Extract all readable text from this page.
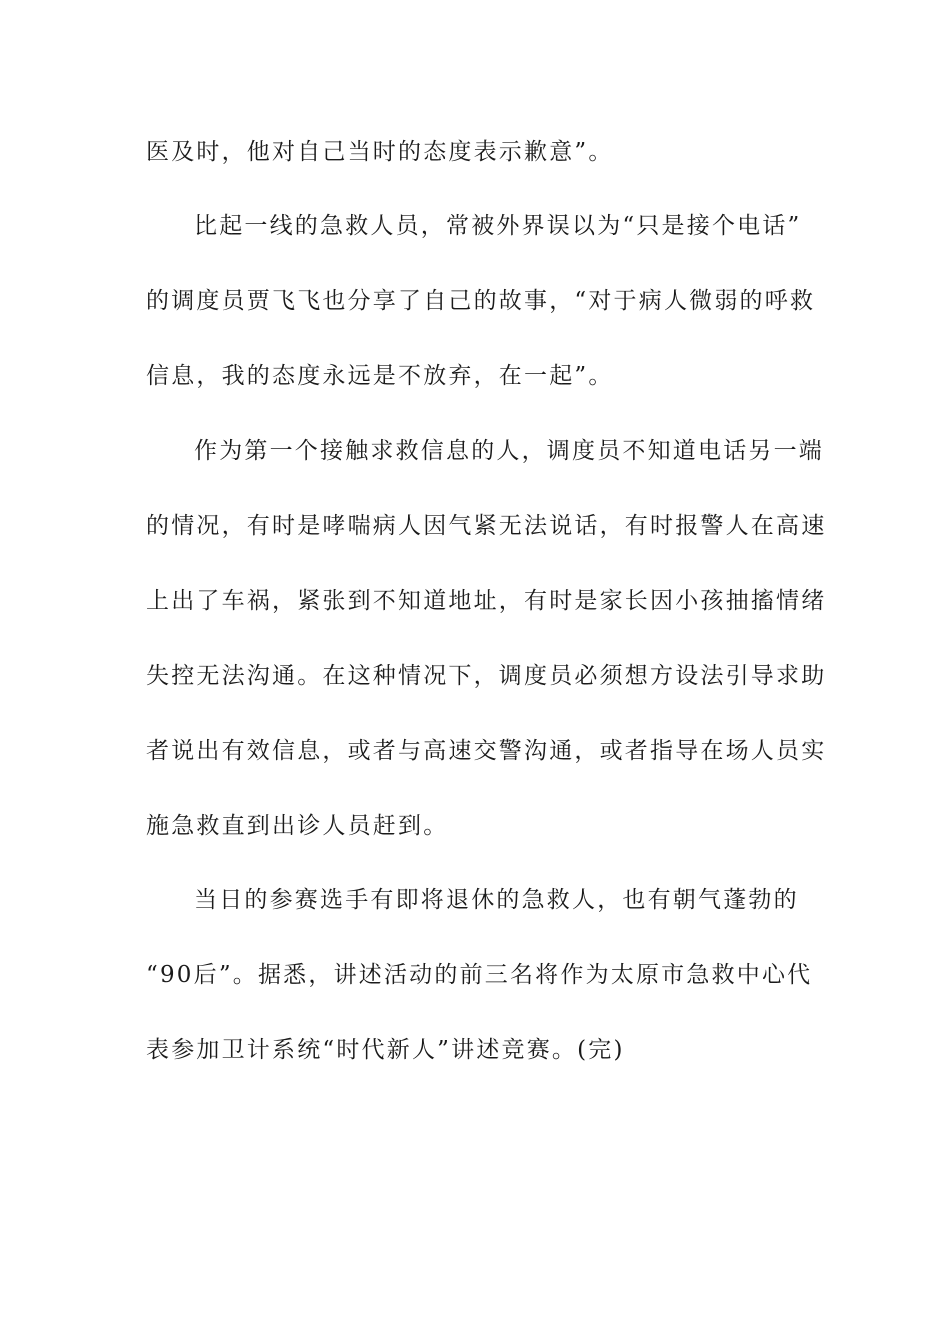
医及时，他对自己当时的态度表示歉意”。
比起一线的急救人员，常被外界误以为“只是接个电话”
的调度员贾飞飞也分享了自己的故事，“对于病人微弱的呼救
信息，我的态度永远是不放弃，在一起”。
作为第一个接触求救信息的人，调度员不知道电话另一端
的情况，有时是哮喘病人因气紧无法说话，有时报警人在高速
上出了车祸，紧张到不知道地址，有时是家长因小孩抽搐情绪
失控无法沟通。在这种情况下，调度员必须想方设法引导求助
者说出有效信息，或者与高速交警沟通，或者指导在场人员实
施急救直到出诊人员赶到。
当日的参赛选手有即将退休的急救人，也有朝气蓬勃的
“90后”。据悉，讲述活动的前三名将作为太原市急救中心代
表参加卫计系统“时代新人”讲述竞赛。(完)
